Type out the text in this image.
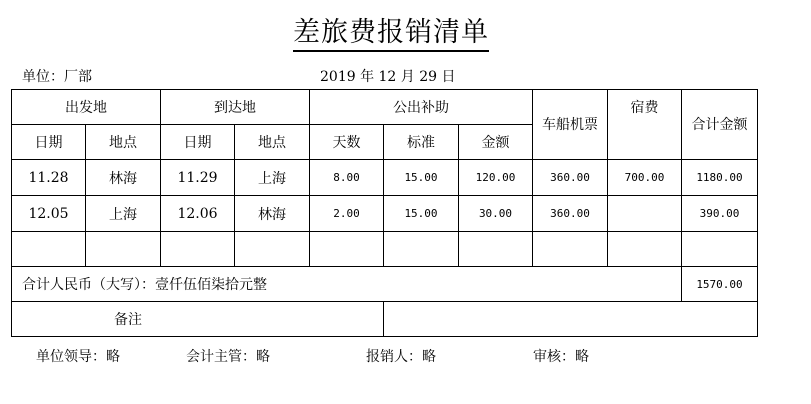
差旅费报销清单
单位：厂部	2019 年 12 月 29 日
出发地		到达地		公出补助			车船机票	宿费	合计金额
日期	地点	日期	地点	天数	标准	金额			
11.28	林海	11.29	上海	8.00	15.00	120.00	360.00	700.00	1180.00
12.05	上海	12.06	林海	2.00	15.00	30.00	360.00		390.00

合计人民币（大写）：壹仟伍佰柒拾元整									1570.00
备注									
单位领导：略	会计主管：略	报销人：略	审核：略
